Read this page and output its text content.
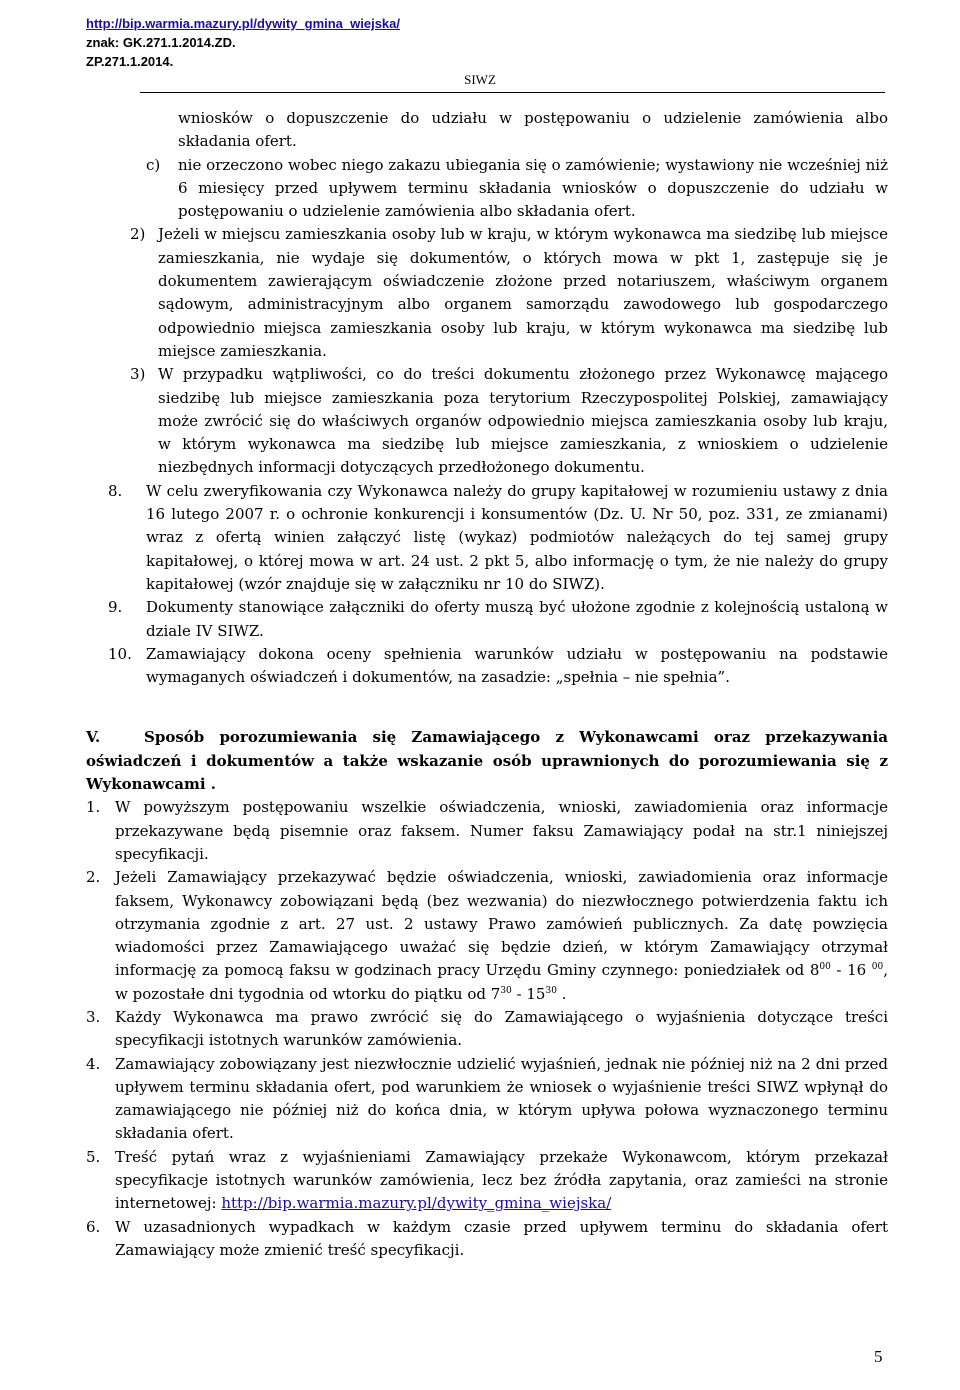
http://bip.warmia.mazury.pl/dywity_gmina_wiejska/
znak: GK.271.1.2014.ZD.
ZP.271.1.2014.
SIWZ

wniosków o dopuszczenie do udziału w postępowaniu o udzielenie zamówienia albo składania ofert.

c) nie orzeczono wobec niego zakazu ubiegania się o zamówienie; wystawiony nie wcześniej niż 6 miesięcy przed upływem terminu składania wniosków o dopuszczenie do udziału w postępowaniu o udzielenie zamówienia albo składania ofert.
2) Jeżeli w miejscu zamieszkania osoby lub w kraju, w którym wykonawca ma siedzibę lub miejsce zamieszkania, nie wydaje się dokumentów, o których mowa w pkt 1, zastępuje się je dokumentem zawierającym oświadczenie złożone przed notariuszem, właściwym organem sądowym, administracyjnym albo organem samorządu zawodowego lub gospodarczego odpowiednio miejsca zamieszkania osoby lub kraju, w którym wykonawca ma siedzibę lub miejsce zamieszkania.
3) W przypadku wątpliwości, co do treści dokumentu złożonego przez Wykonawcę mającego siedzibę lub miejsce zamieszkania poza terytorium Rzeczypospolitej Polskiej, zamawiający może zwrócić się do właściwych organów odpowiednio miejsca zamieszkania osoby lub kraju, w którym wykonawca ma siedzibę lub miejsce zamieszkania, z wnioskiem o udzielenie niezbędnych informacji dotyczących przedłożonego dokumentu.
8. W celu zweryfikowania czy Wykonawca należy do grupy kapitałowej w rozumieniu ustawy z dnia 16 lutego 2007 r. o ochronie konkurencji i konsumentów (Dz. U. Nr 50, poz. 331, ze zmianami) wraz z ofertą winien załączyć listę (wykaz) podmiotów należących do tej samej grupy kapitałowej, o której mowa w art. 24 ust. 2 pkt 5, albo informację o tym, że nie należy do grupy kapitałowej (wzór znajduje się w załączniku nr 10 do SIWZ).
9. Dokumenty stanowiące załączniki do oferty muszą być ułożone zgodnie z kolejnością ustaloną w dziale IV SIWZ.
10. Zamawiający dokona oceny spełnienia warunków udziału w postępowaniu na podstawie wymaganych oświadczeń i dokumentów, na zasadzie: „spełnia – nie spełnia”.

V.	Sposób porozumiewania się Zamawiającego z Wykonawcami oraz przekazywania oświadczeń i dokumentów a także wskazanie osób uprawnionych do porozumiewania się z Wykonawcami .

1. W powyższym postępowaniu wszelkie oświadczenia, wnioski, zawiadomienia oraz informacje przekazywane będą pisemnie oraz faksem. Numer faksu Zamawiający podał na str.1 niniejszej specyfikacji.
2. Jeżeli Zamawiający przekazywać będzie oświadczenia, wnioski, zawiadomienia oraz informacje faksem, Wykonawcy zobowiązani będą (bez wezwania) do niezwłocznego potwierdzenia faktu ich otrzymania zgodnie z art. 27 ust. 2 ustawy Prawo zamówień publicznych. Za datę powzięcia wiadomości przez Zamawiającego uważać się będzie dzień, w którym Zamawiający otrzymał informację za pomocą faksu w godzinach pracy Urzędu Gminy czynnego: poniedziałek od $8^{00} - 16$ $^{00}$, w pozostałe dni tygodnia od wtorku do piątku od $7^{30} - 15^{30}$ .
3. Każdy Wykonawca ma prawo zwrócić się do Zamawiającego o wyjaśnienia dotyczące treści specyfikacji istotnych warunków zamówienia.
4. Zamawiający zobowiązany jest niezwłocznie udzielić wyjaśnień, jednak nie później niż na 2 dni przed upływem terminu składania ofert, pod warunkiem że wniosek o wyjaśnienie treści SIWZ wpłynął do zamawiającego nie później niż do końca dnia, w którym upływa połowa wyznaczonego terminu składania ofert.
5. Treść pytań wraz z wyjaśnieniami Zamawiający przekaże Wykonawcom, którym przekazał specyfikacje istotnych warunków zamówienia, lecz bez źródła zapytania, oraz zamieści na stronie internetowej: http://bip.warmia.mazury.pl/dywity_gmina_wiejska/
6. W uzasadnionych wypadkach w każdym czasie przed upływem terminu do składania ofert Zamawiający może zmienić treść specyfikacji.
5
